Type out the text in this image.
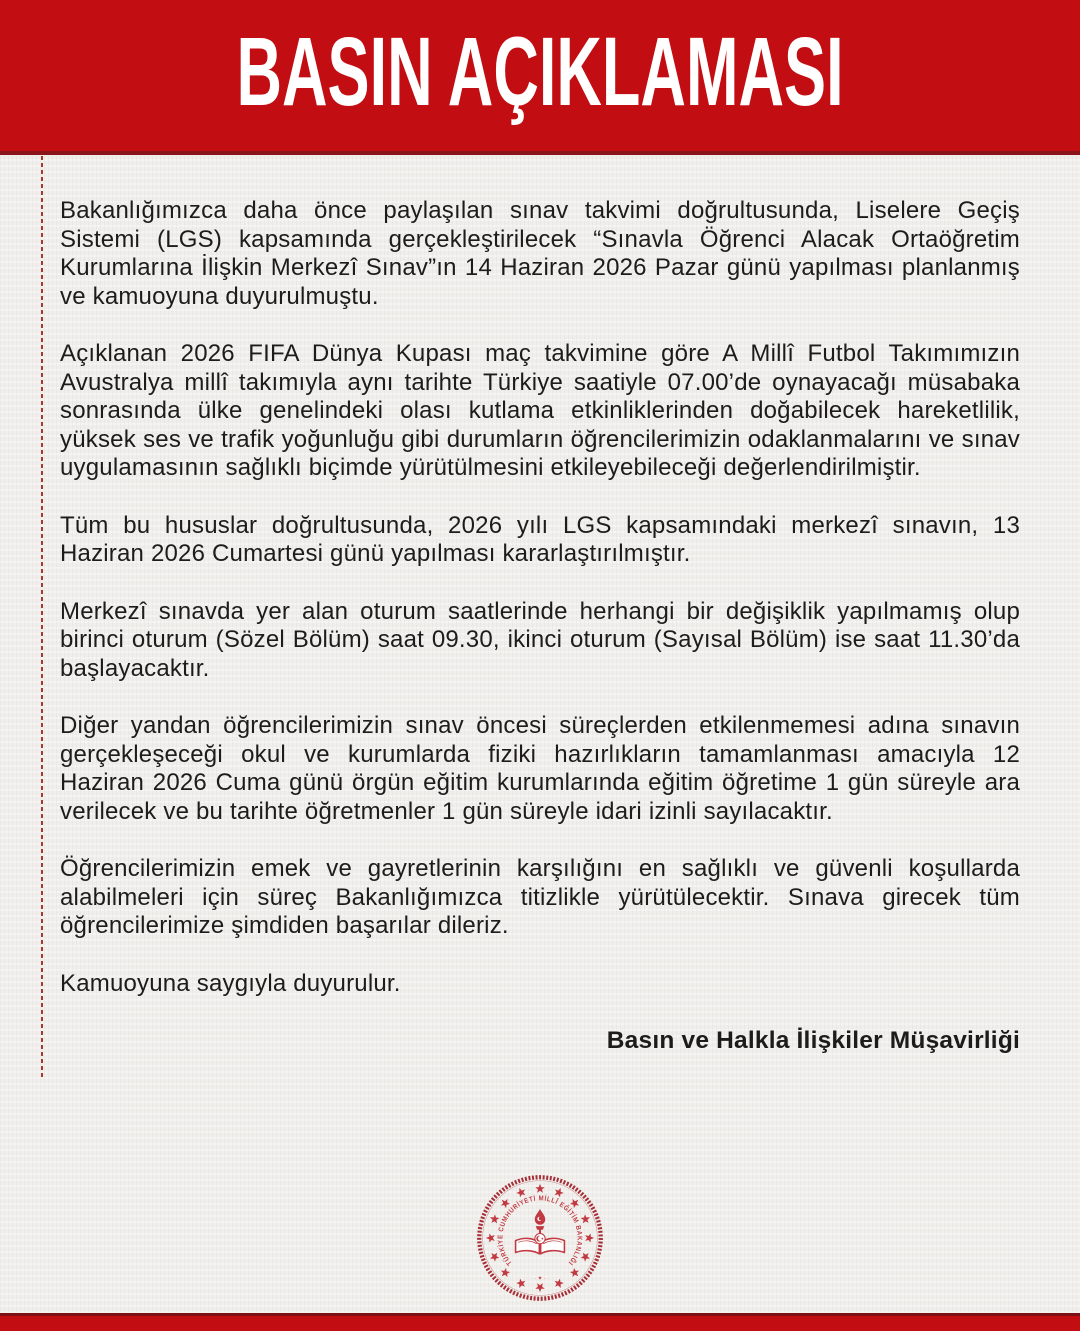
BASIN AÇIKLAMASI

Bakanlığımızca daha önce paylaşılan sınav takvimi doğrultusunda, Liselere Geçiş Sistemi (LGS) kapsamında gerçekleştirilecek “Sınavla Öğrenci Alacak Ortaöğretim Kurumlarına İlişkin Merkezî Sınav”ın 14 Haziran 2026 Pazar günü yapılması planlanmış ve kamuoyuna duyurulmuştu.

Açıklanan 2026 FIFA Dünya Kupası maç takvimine göre A Millî Futbol Takımımızın Avustralya millî takımıyla aynı tarihte Türkiye saatiyle 07.00’de oynayacağı müsabaka sonrasında ülke genelindeki olası kutlama etkinliklerinden doğabilecek hareketlilik, yüksek ses ve trafik yoğunluğu gibi durumların öğrencilerimizin odaklanmalarını ve sınav uygulamasının sağlıklı biçimde yürütülmesini etkileyebileceği değerlendirilmiştir.

Tüm bu hususlar doğrultusunda, 2026 yılı LGS kapsamındaki merkezî sınavın, 13 Haziran 2026 Cumartesi günü yapılması kararlaştırılmıştır.

Merkezî sınavda yer alan oturum saatlerinde herhangi bir değişiklik yapılmamış olup birinci oturum (Sözel Bölüm) saat 09.30, ikinci oturum (Sayısal Bölüm) ise saat 11.30’da başlayacaktır.

Diğer yandan öğrencilerimizin sınav öncesi süreçlerden etkilenmemesi adına sınavın gerçekleşeceği okul ve kurumlarda fiziki hazırlıkların tamamlanması amacıyla 12 Haziran 2026 Cuma günü örgün eğitim kurumlarında eğitim öğretime 1 gün süreyle ara verilecek ve bu tarihte öğretmenler 1 gün süreyle idari izinli sayılacaktır.

Öğrencilerimizin emek ve gayretlerinin karşılığını en sağlıklı ve güvenli koşullarda alabilmeleri için süreç Bakanlığımızca titizlikle yürütülecektir. Sınava girecek tüm öğrencilerimize şimdiden başarılar dileriz.

Kamuoyuna saygıyla duyurulur.

Basın ve Halkla İlişkiler Müşavirliği
TÜRKİYE CUMHURİYETİ MİLLÎ EĞİTİM BAKANLIĞI
· ★ ·
